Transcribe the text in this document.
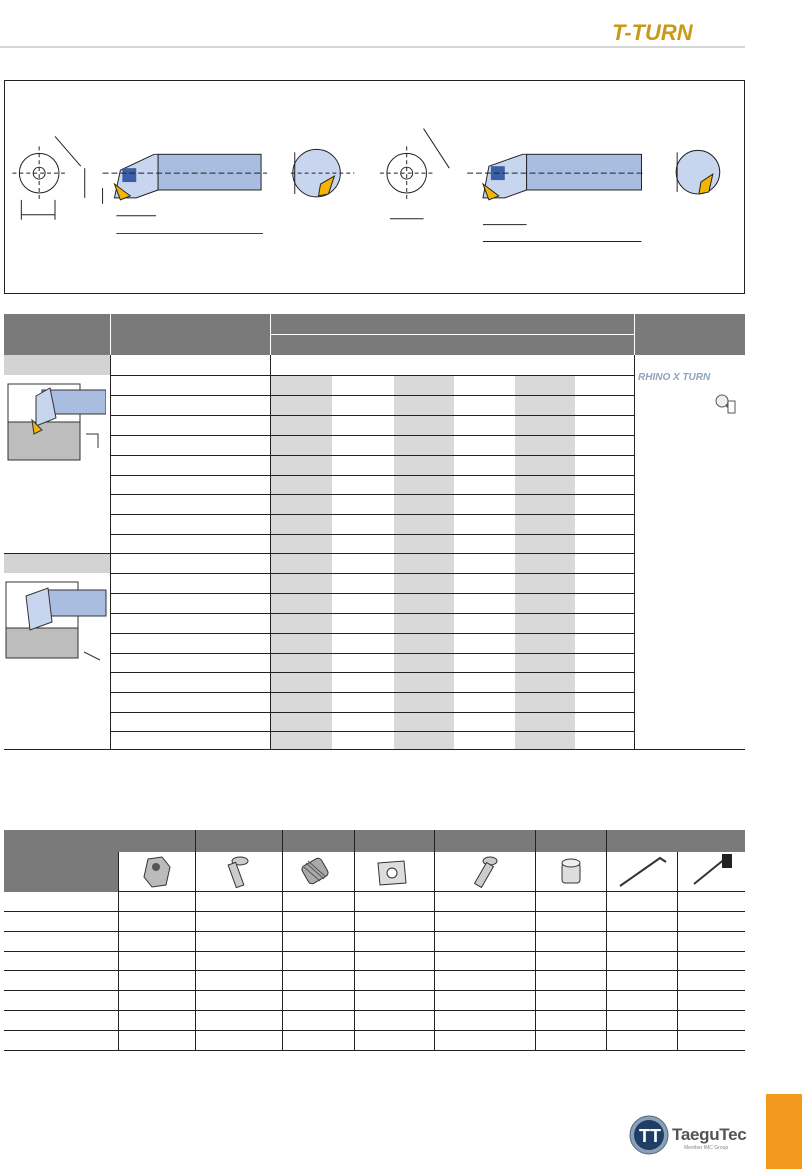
T-TURN
RHINO X TURN
TT TaeguTec
Member IMC Group
